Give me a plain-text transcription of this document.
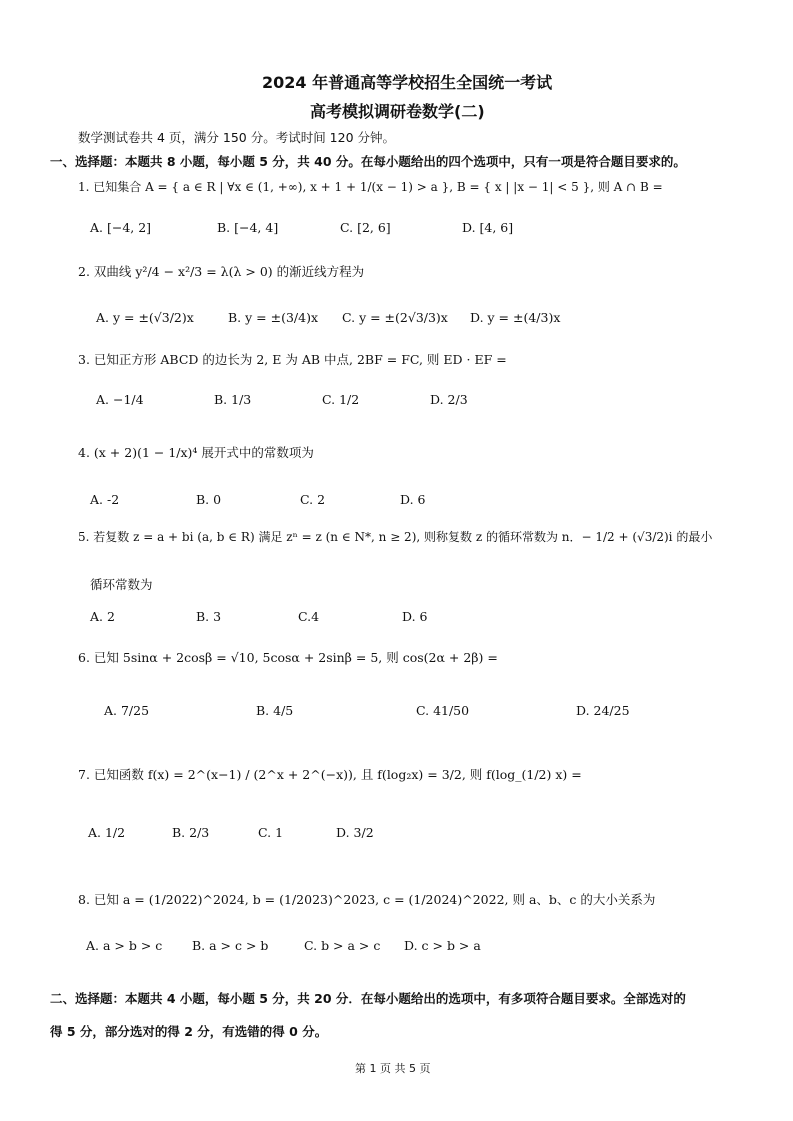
2024 年普通高等学校招生全国统一考试
高考模拟调研卷数学(二)
数学测试卷共 4 页，满分 150 分。考试时间 120 分钟。
一、选择题：本题共 8 小题，每小题 5 分，共 40 分。在每小题给出的四个选项中，只有一项是符合题目要求的。
1. 已知集合 A = { a ∈ R | ∀x ∈ (1, +∞), x + 1 + 1/(x − 1) > a }, B = { x | |x − 1| < 5 }, 则 A ∩ B =
A. [−4, 2]	B. [−4, 4]	C. [2, 6]	D. [4, 6]
2. 双曲线 y²/4 − x²/3 = λ(λ > 0) 的渐近线方程为
A. y = ±(√3/2)x	B. y = ±(3/4)x C. y = ±(2√3/3)x D. y = ±(4/3)x
3. 已知正方形 ABCD 的边长为 2, E 为 AB 中点, 2BF = FC, 则 ED · EF =
A. −1/4	B. 1/3	C. 1/2	D. 2/3
4. (x + 2)(1 − 1/x)⁴ 展开式中的常数项为
A. -2	B. 0	C. 2	D. 6
5. 若复数 z = a + bi (a, b ∈ R) 满足 zⁿ = z (n ∈ N*, n ≥ 2), 则称复数 z 的循环常数为 n．− 1/2 + (√3/2)i 的最小
循环常数为
A. 2	B. 3	C.4	D. 6
6. 已知 5sinα + 2cosβ = √10, 5cosα + 2sinβ = 5, 则 cos(2α + 2β) =
A. 7/25	B. 4/5	C. 41/50	D. 24/25
7. 已知函数 f(x) = 2^(x−1) / (2^x + 2^(−x)), 且 f(log₂x) = 3/2, 则 f(log_(1/2) x) =
A. 1/2	B. 2/3	C. 1	D. 3/2
8. 已知 a = (1/2022)^2024, b = (1/2023)^2023, c = (1/2024)^2022, 则 a、b、c 的大小关系为
A. a > b > c B. a > c > b	C. b > a > c D. c > b > a
二、选择题：本题共 4 小题，每小题 5 分，共 20 分．在每小题给出的选项中，有多项符合题目要求。全部选对的
得 5 分，部分选对的得 2 分，有选错的得 0 分。
第 1 页 共 5 页
